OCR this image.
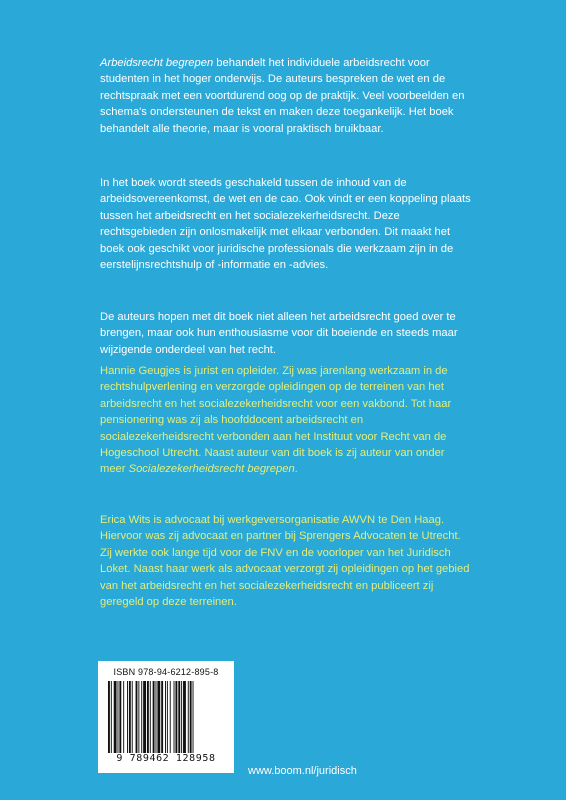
Arbeidsrecht begrepen behandelt het individuele arbeidsrecht voor studenten in het hoger onderwijs. De auteurs bespreken de wet en de rechtspraak met een voortdurend oog op de praktijk. Veel voorbeelden en schema's ondersteunen de tekst en maken deze toegankelijk. Het boek behandelt alle theorie, maar is vooral praktisch bruikbaar.

In het boek wordt steeds geschakeld tussen de inhoud van de arbeidsovereenkomst, de wet en de cao. Ook vindt er een koppeling plaats tussen het arbeidsrecht en het socialezekerheidsrecht. Deze rechtsgebieden zijn onlosmakelijk met elkaar verbonden. Dit maakt het boek ook geschikt voor juridische professionals die werkzaam zijn in de eerstelijnsrechtshulp of -informatie en -advies.

De auteurs hopen met dit boek niet alleen het arbeidsrecht goed over te brengen, maar ook hun enthousiasme voor dit boeiende en steeds maar wijzigende onderdeel van het recht.

Hannie Geugjes is jurist en opleider. Zij was jarenlang werkzaam in de rechtshulpverlening en verzorgde opleidingen op de terreinen van het arbeidsrecht en het socialezekerheidsrecht voor een vakbond. Tot haar pensionering was zij als hoofddocent arbeidsrecht en socialezekerheidsrecht verbonden aan het Instituut voor Recht van de Hogeschool Utrecht. Naast auteur van dit boek is zij auteur van onder meer Socialezekerheidsrecht begrepen.

Erica Wits is advocaat bij werkgeversorganisatie AWVN te Den Haag. Hiervoor was zij advocaat en partner bij Sprengers Advocaten te Utrecht. Zij werkte ook lange tijd voor de FNV en de voorloper van het Juridisch Loket. Naast haar werk als advocaat verzorgt zij opleidingen op het gebied van het arbeidsrecht en het socialezekerheidsrecht en publiceert zij geregeld op deze terreinen.

ISBN 978-94-6212-895-8
9 789462 128958
www.boom.nl/juridisch
